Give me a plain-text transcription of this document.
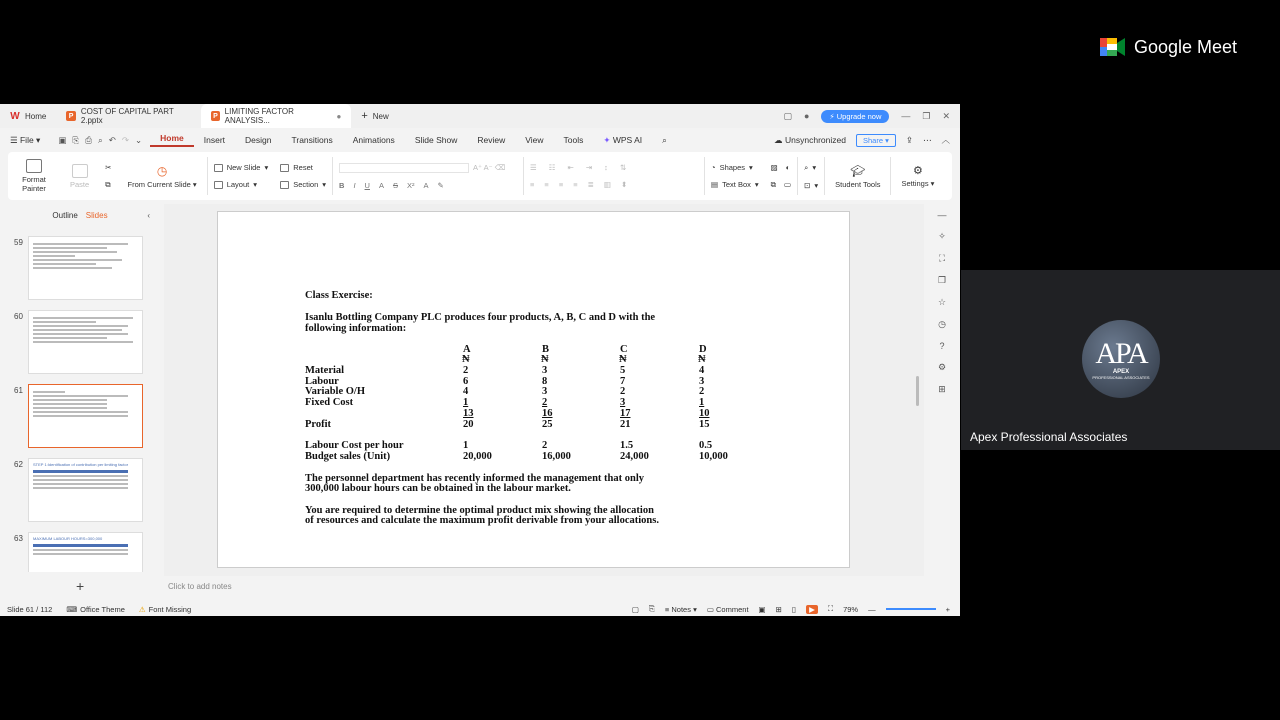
Google Meet
APA
APEX
PROFESSIONAL ASSOCIATES
Apex Professional Associates
W Home	P COST OF CAPITAL PART 2.pptx	P LIMITING FACTOR ANALYSIS...	● + New	▢ ●	⚡ Upgrade now	— ❐ ✕
☰ File ▾	▣ ⎘ ⎙ ⌕ ↶ ↷ ⌄	Home	Insert	Design	Transitions	Animations	Slide Show	Review	View	Tools	✦ WPS AI	⌕	☁ Unsynchronized	Share ▾	⇪ ⋯ ︿
Format Painter	Paste
✂
⧉
◷
From Current Slide ▾
New Slide ▾
Layout ▾
Reset
Section ▾
A⁺ A⁻ ⌫
B I U A S X² A ✎
☰ ☷ ⇤ ⇥ ↕ ⇅
≡ ≡ ≡ ≡ ≣ ▥ ⬍
◔ Shapes ▾
▤ Text Box ▾
▨ ◐
⧉ ▭
⌕ ▾
⊡ ▾
🎓︎
Student Tools
⚙
Settings ▾
Outline Slides	‹
59
60
61
62	STEP 1:Identification of contribution per limiting factor
63	MAXIMUM LABOUR HOURS=300,000
+
Class Exercise:
Isanlu Bottling Company PLC produces four products, A, B, C and D with the
following information:
A	B	C	D
₦	₦	₦	₦
Material	2	3	5	4
Labour	6	8	7	3
Variable O/H	4	3	2	2
Fixed Cost	1	2	3	1
13	16	17	10
Profit	20	25	21	15
Labour Cost per hour	1	2	1.5	0.5
Budget sales (Unit)	20,000	16,000	24,000	10,000
The personnel department has recently informed the management that only
300,000 labour hours can be obtained in the labour market.
You are required to determine the optimal product mix showing the allocation
of resources and calculate the maximum profit derivable from your allocations.
Click to add notes
—
✧
⛶
❐
☆
◷
?
⚙
⊞
Slide 61 / 112	⌨ Office Theme ⚠ Font Missing	▢ ⎘ ≡ Notes ▾ ▭ Comment ▣ ⊞ ▯	▶	⛶ 79% —	+
